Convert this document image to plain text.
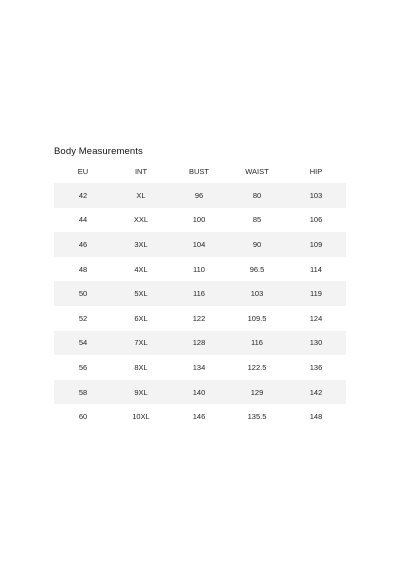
Body Measurements
EU	INT	BUST	WAIST	HIP
42	XL	96	80	103
44	XXL	100	85	106
46	3XL	104	90	109
48	4XL	110	96.5	114
50	5XL	116	103	119
52	6XL	122	109.5	124
54	7XL	128	116	130
56	8XL	134	122.5	136
58	9XL	140	129	142
60	10XL	146	135.5	148
